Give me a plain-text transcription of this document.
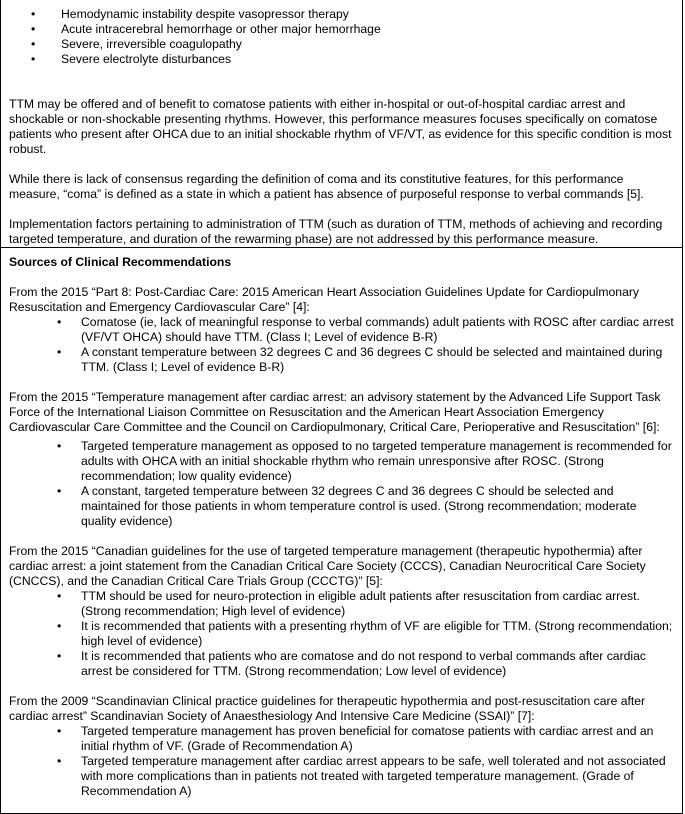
• Hemodynamic instability despite vasopressor therapy
• Acute intracerebral hemorrhage or other major hemorrhage
• Severe, irreversible coagulopathy
• Severe electrolyte disturbances

TTM may be offered and of benefit to comatose patients with either in-hospital or out-of-hospital cardiac arrest and shockable or non-shockable presenting rhythms. However, this performance measures focuses specifically on comatose patients who present after OHCA due to an initial shockable rhythm of VF/VT, as evidence for this specific condition is most robust.

While there is lack of consensus regarding the definition of coma and its constitutive features, for this performance measure, “coma” is defined as a state in which a patient has absence of purposeful response to verbal commands [5].

Implementation factors pertaining to administration of TTM (such as duration of TTM, methods of achieving and recording targeted temperature, and duration of the rewarming phase) are not addressed by this performance measure.

Sources of Clinical Recommendations

From the 2015 “Part 8: Post-Cardiac Care: 2015 American Heart Association Guidelines Update for Cardiopulmonary Resuscitation and Emergency Cardiovascular Care” [4]:

• Comatose (ie, lack of meaningful response to verbal commands) adult patients with ROSC after cardiac arrest (VF/VT OHCA) should have TTM. (Class I; Level of evidence B-R)
• A constant temperature between 32 degrees C and 36 degrees C should be selected and maintained during TTM. (Class I; Level of evidence B-R)

From the 2015 “Temperature management after cardiac arrest: an advisory statement by the Advanced Life Support Task Force of the International Liaison Committee on Resuscitation and the American Heart Association Emergency Cardiovascular Care Committee and the Council on Cardiopulmonary, Critical Care, Perioperative and Resuscitation” [6]:

• Targeted temperature management as opposed to no targeted temperature management is recommended for adults with OHCA with an initial shockable rhythm who remain unresponsive after ROSC. (Strong recommendation; low quality evidence)
• A constant, targeted temperature between 32 degrees C and 36 degrees C should be selected and maintained for those patients in whom temperature control is used. (Strong recommendation; moderate quality evidence)

From the 2015 “Canadian guidelines for the use of targeted temperature management (therapeutic hypothermia) after cardiac arrest: a joint statement from the Canadian Critical Care Society (CCCS), Canadian Neurocritical Care Society (CNCCS), and the Canadian Critical Care Trials Group (CCCTG)” [5]:

• TTM should be used for neuro-protection in eligible adult patients after resuscitation from cardiac arrest. (Strong recommendation; High level of evidence)
• It is recommended that patients with a presenting rhythm of VF are eligible for TTM. (Strong recommendation; high level of evidence)
• It is recommended that patients who are comatose and do not respond to verbal commands after cardiac arrest be considered for TTM. (Strong recommendation; Low level of evidence)

From the 2009 “Scandinavian Clinical practice guidelines for therapeutic hypothermia and post-resuscitation care after cardiac arrest” Scandinavian Society of Anaesthesiology And Intensive Care Medicine (SSAI)” [7]:

• Targeted temperature management has proven beneficial for comatose patients with cardiac arrest and an initial rhythm of VF. (Grade of Recommendation A)
• Targeted temperature management after cardiac arrest appears to be safe, well tolerated and not associated with more complications than in patients not treated with targeted temperature management. (Grade of Recommendation A)
